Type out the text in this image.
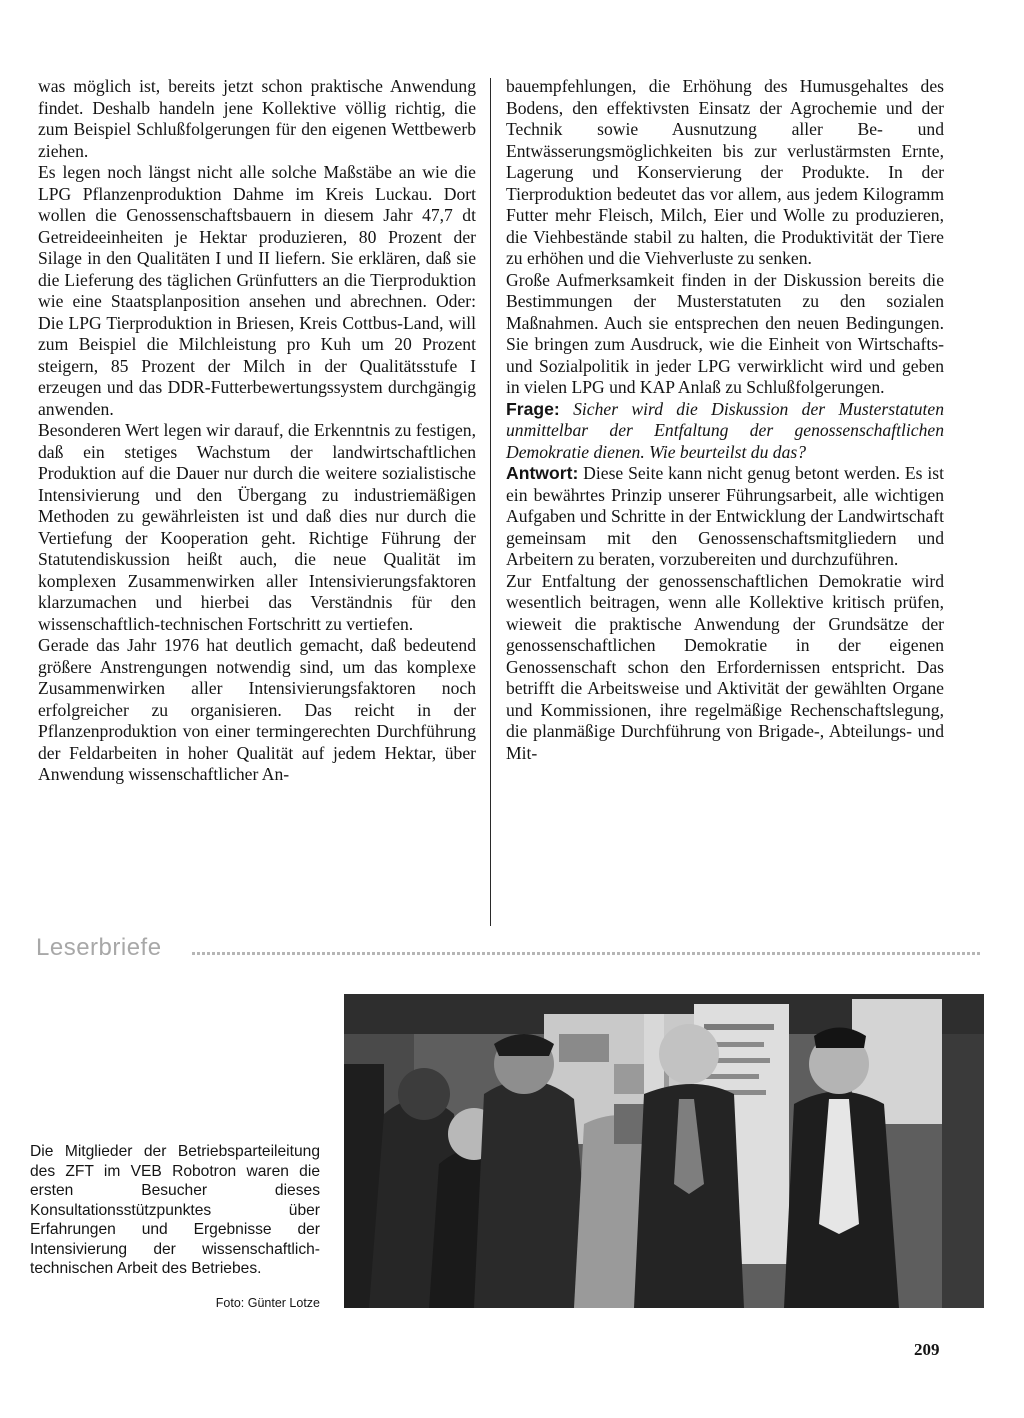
was möglich ist, bereits jetzt schon praktische Anwendung findet. Deshalb handeln jene Kollektive völlig richtig, die zum Beispiel Schlußfolgerungen für den eigenen Wettbewerb ziehen.

Es legen noch längst nicht alle solche Maßstäbe an wie die LPG Pflanzenproduktion Dahme im Kreis Luckau. Dort wollen die Genossenschaftsbauern in diesem Jahr 47,7 dt Getreideeinheiten je Hektar produzieren, 80 Prozent der Silage in den Qualitäten I und II liefern. Sie erklären, daß sie die Lieferung des täglichen Grünfutters an die Tierproduktion wie eine Staatsplanposition ansehen und abrechnen. Oder: Die LPG Tierproduktion in Briesen, Kreis Cottbus-Land, will zum Beispiel die Milchleistung pro Kuh um 20 Prozent steigern, 85 Prozent der Milch in der Qualitätsstufe I erzeugen und das DDR-Futterbewertungssystem durchgängig anwenden.

Besonderen Wert legen wir darauf, die Erkenntnis zu festigen, daß ein stetiges Wachstum der landwirtschaftlichen Produktion auf die Dauer nur durch die weitere sozialistische Intensivierung und den Übergang zu industriemäßigen Methoden zu gewährleisten ist und daß dies nur durch die Vertiefung der Kooperation geht. Richtige Führung der Statutendiskussion heißt auch, die neue Qualität im komplexen Zusammenwirken aller Intensivierungsfaktoren klarzumachen und hierbei das Verständnis für den wissenschaftlich-technischen Fortschritt zu vertiefen.

Gerade das Jahr 1976 hat deutlich gemacht, daß bedeutend größere Anstrengungen notwendig sind, um das komplexe Zusammenwirken aller Intensivierungsfaktoren noch erfolgreicher zu organisieren. Das reicht in der Pflanzenproduktion von einer termingerechten Durchführung der Feldarbeiten in hoher Qualität auf jedem Hektar, über Anwendung wissenschaftlicher An-

bauempfehlungen, die Erhöhung des Humusgehaltes des Bodens, den effektivsten Einsatz der Agrochemie und der Technik sowie Ausnutzung aller Be- und Entwässerungsmöglichkeiten bis zur verlustärmsten Ernte, Lagerung und Konservierung der Produkte. In der Tierproduktion bedeutet das vor allem, aus jedem Kilogramm Futter mehr Fleisch, Milch, Eier und Wolle zu produzieren, die Viehbestände stabil zu halten, die Produktivität der Tiere zu erhöhen und die Viehverluste zu senken.

Große Aufmerksamkeit finden in der Diskussion bereits die Bestimmungen der Musterstatuten zu den sozialen Maßnahmen. Auch sie entsprechen den neuen Bedingungen. Sie bringen zum Ausdruck, wie die Einheit von Wirtschafts- und Sozialpolitik in jeder LPG verwirklicht wird und geben in vielen LPG und KAP Anlaß zu Schlußfolgerungen.

Frage: Sicher wird die Diskussion der Musterstatuten unmittelbar der Entfaltung der genossenschaftlichen Demokratie dienen. Wie beurteilst du das?

Antwort: Diese Seite kann nicht genug betont werden. Es ist ein bewährtes Prinzip unserer Führungsarbeit, alle wichtigen Aufgaben und Schritte in der Entwicklung der Landwirtschaft gemeinsam mit den Genossenschaftsmitgliedern und Arbeitern zu beraten, vorzubereiten und durchzuführen.

Zur Entfaltung der genossenschaftlichen Demokratie wird wesentlich beitragen, wenn alle Kollektive kritisch prüfen, wieweit die praktische Anwendung der Grundsätze der genossenschaftlichen Demokratie in der eigenen Genossenschaft schon den Erfordernissen entspricht. Das betrifft die Arbeitsweise und Aktivität der gewählten Organe und Kommissionen, ihre regelmäßige Rechenschaftslegung, die planmäßige Durchführung von Brigade-, Abteilungs- und Mit-

Leserbriefe
Die Mitglieder der Betriebsparteileitung des ZFT im VEB Robotron waren die ersten Besucher dieses Konsultationsstützpunktes über Erfahrungen und Ergebnisse der Intensivierung der wissenschaftlich-technischen Arbeit des Betriebes.
Foto: Günter Lotze
209
